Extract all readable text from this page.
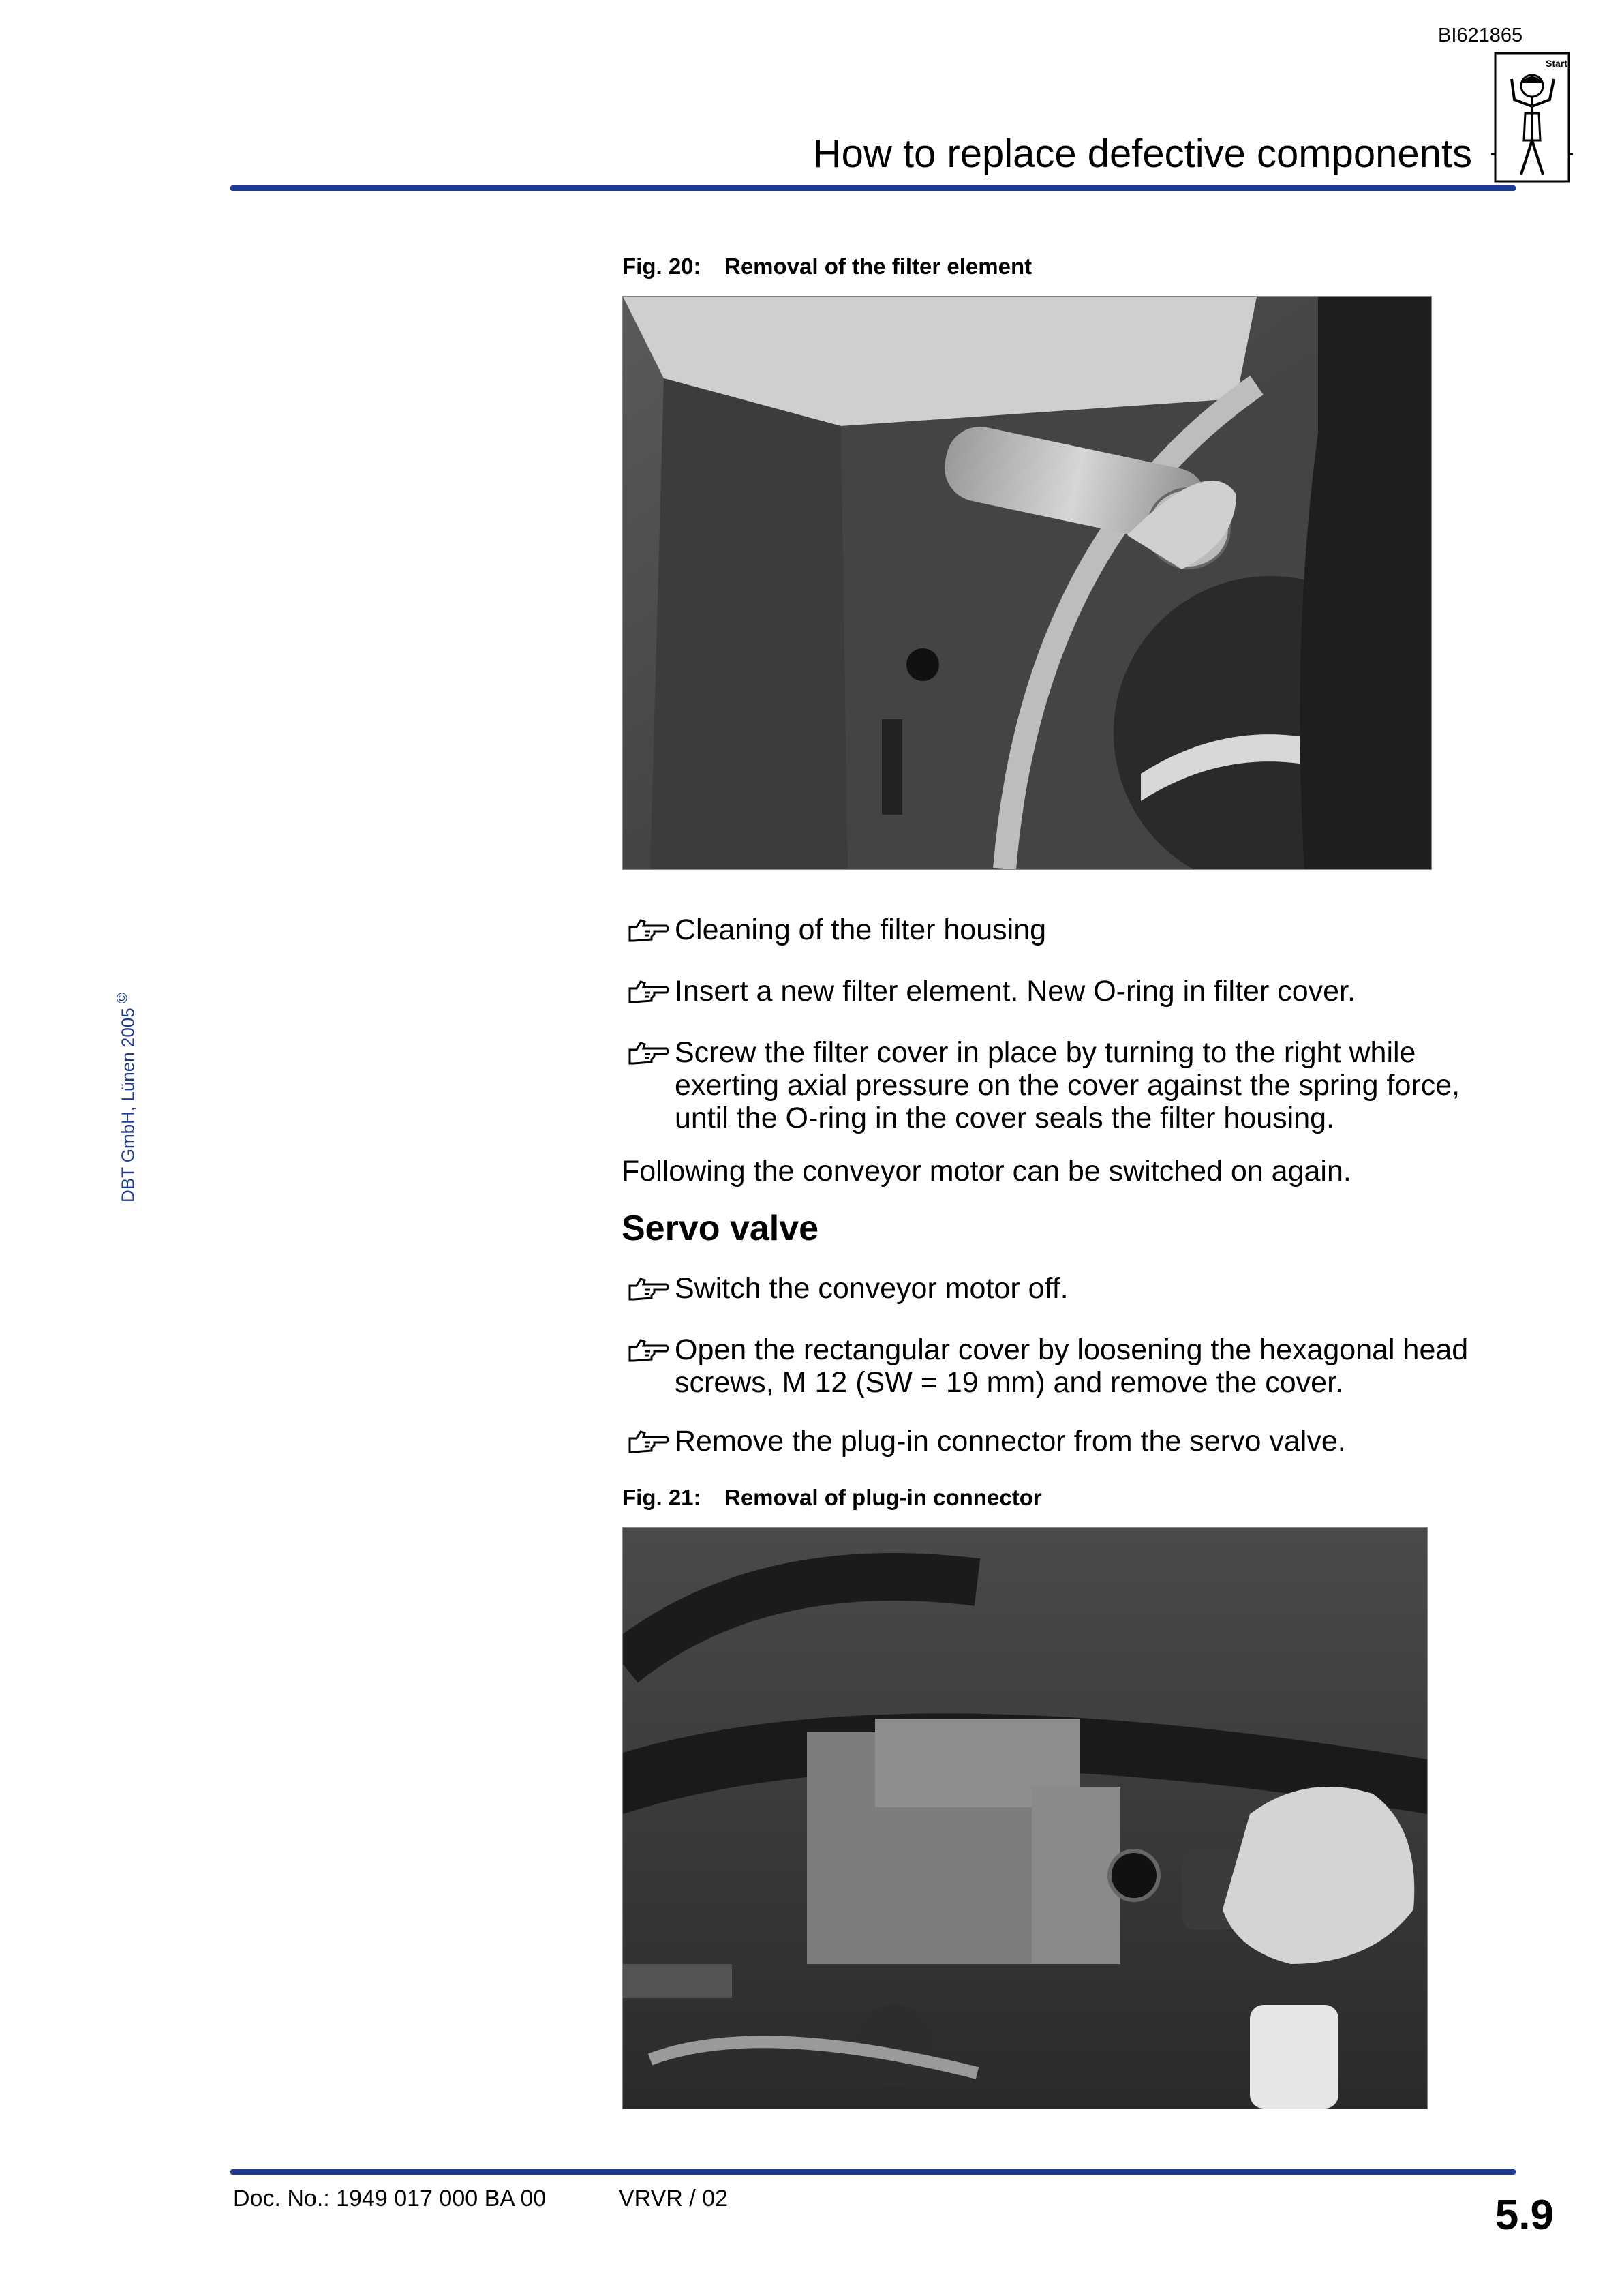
BI621865
How to replace defective components
Start
DBT GmbH, Lünen 2005©
Fig. 20: Removal of the filter element
Cleaning of the filter housing
Insert a new filter element. New O-ring in filter cover.
Screw the filter cover in place by turning to the right while exerting axial pressure on the cover against the spring force, until the O-ring in the cover seals the filter housing.
Following the conveyor motor can be switched on again.
Servo valve
Switch the conveyor motor off.
Open the rectangular cover by loosening the hexagonal head screws, M 12 (SW = 19 mm) and remove the cover.
Remove the plug-in connector from the servo valve.
Fig. 21: Removal of plug-in connector
Doc. No.: 1949 017 000 BA 00	VRVR / 02	5.9
